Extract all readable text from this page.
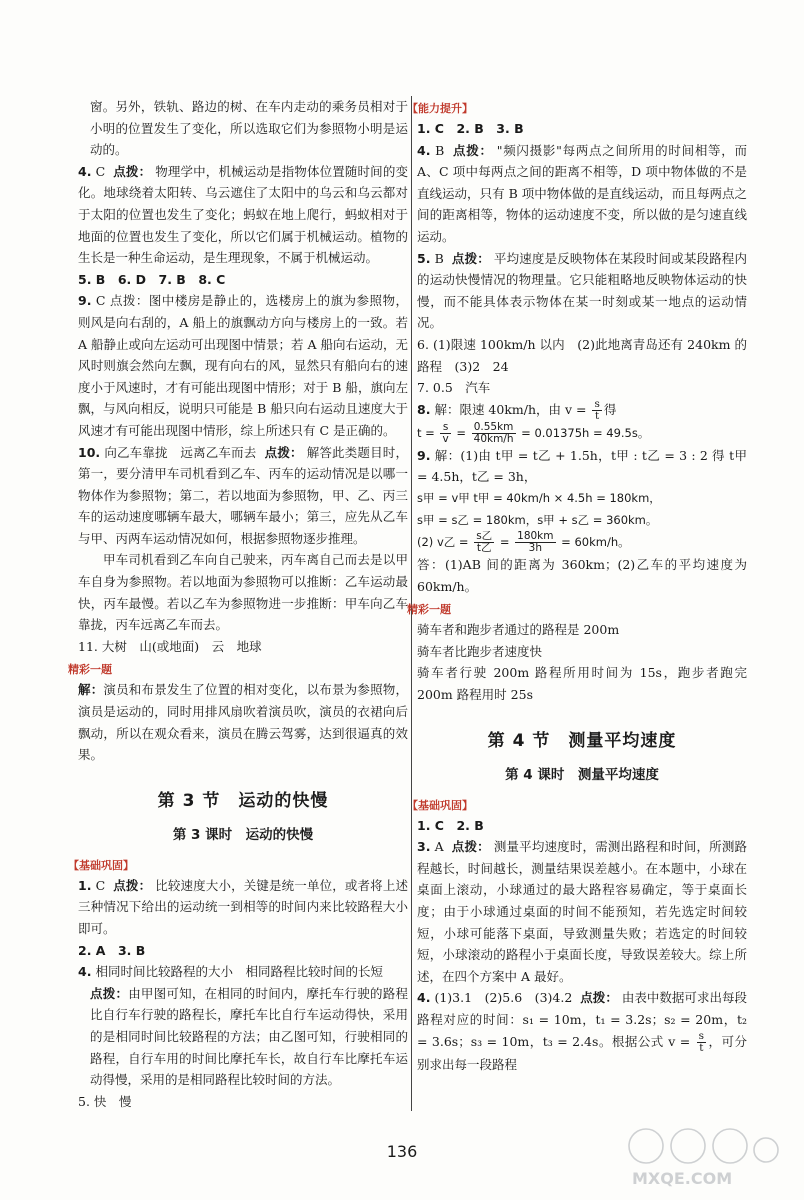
窗。另外，铁轨、路边的树、在车内走动的乘务员相对于小明的位置发生了变化，所以选取它们为参照物小明是运动的。

4. C 点拨： 物理学中，机械运动是指物体位置随时间的变化。地球绕着太阳转、乌云遮住了太阳中的乌云和乌云都对于太阳的位置也发生了变化；蚂蚁在地上爬行，蚂蚁相对于地面的位置也发生了变化，所以它们属于机械运动。植物的生长是一种生命运动，是生理现象，不属于机械运动。

5. B　6. D　7. B　8. C

9. C 点拨：图中楼房是静止的，选楼房上的旗为参照物，则风是向右刮的，A 船上的旗飘动方向与楼房上的一致。若 A 船静止或向左运动可出现图中情景；若 A 船向右运动，无风时则旗会然向左飘，现有向右的风，显然只有船向右的速度小于风速时，才有可能出现图中情形；对于 B 船，旗向左飘，与风向相反，说明只可能是 B 船只向右运动且速度大于风速才有可能出现图中情形，综上所述只有 C 是正确的。

10. 向乙车靠拢　远离乙车而去 点拨： 解答此类题目时，第一，要分清甲车司机看到乙车、丙车的运动情况是以哪一物体作为参照物；第二，若以地面为参照物，甲、乙、丙三车的运动速度哪辆车最大，哪辆车最小；第三，应先从乙车与甲、丙两车运动情况如何，根据参照物逐步推理。

甲车司机看到乙车向自己驶来，丙车离自己而去是以甲车自身为参照物。若以地面为参照物可以推断：乙车运动最快，丙车最慢。若以乙车为参照物进一步推断：甲车向乙车靠拢，丙车远离乙车而去。

11. 大树　山(或地面)　云　地球

精彩一题

解：演员和布景发生了位置的相对变化，以布景为参照物，演员是运动的，同时用排风扇吹着演员吹，演员的衣裙向后飘动，所以在观众看来，演员在腾云驾雾，达到很逼真的效果。

第 3 节　运动的快慢
第 3 课时　运动的快慢
【基础巩固】

1. C 点拨： 比较速度大小，关键是统一单位，或者将上述三种情况下给出的运动统一到相等的时间内来比较路程大小即可。

2. A　3. B

4. 相同时间比较路程的大小　相同路程比较时间的长短

点拨：由甲图可知，在相同的时间内，摩托车行驶的路程比自行车行驶的路程长，摩托车比自行车运动得快，采用的是相同时间比较路程的方法；由乙图可知，行驶相同的路程，自行车用的时间比摩托车长，故自行车比摩托车运动得慢，采用的是相同路程比较时间的方法。

5. 快　慢

【能力提升】

1. C　2. B　3. B

4. B 点拨： "频闪摄影"每两点之间所用的时间相等，而 A、C 项中每两点之间的距离不相等，D 项中物体做的不是直线运动，只有 B 项中物体做的是直线运动，而且每两点之间的距离相等，物体的运动速度不变，所以做的是匀速直线运动。

5. B 点拨： 平均速度是反映物体在某段时间或某段路程内的运动快慢情况的物理量。它只能粗略地反映物体运动的快慢，而不能具体表示物体在某一时刻或某一地点的运动情况。

6. (1)限速 100km/h 以内　(2)此地离青岛还有 240km 的路程　(3)2　24

7. 0.5　汽车

8. 解：限速 40km/h，由 $v = \frac{s}{t}$ 得

$t = \frac{s}{v} = \frac{0.55km}{40km/h} = 0.01375h = 49.5s$。

9. 解：(1)由 t甲 = t乙 + 1.5h，t甲 : t乙 = 3 : 2 得 t甲 = 4.5h，t乙 = 3h，

s甲 = v甲 t甲 = 40km/h × 4.5h = 180km，

s甲 = s乙 = 180km，s甲 + s乙 = 360km。

(2) v乙 = $\frac{\text{s乙}}{\text{t乙}} = \frac{180km}{3h} = 60km/h$。

答：(1)AB 间的距离为 360km；(2)乙车的平均速度为 60km/h。

精彩一题

骑车者和跑步者通过的路程是 200m

骑车者比跑步者速度快

骑车者行驶 200m 路程所用时间为 15s，跑步者跑完 200m 路程用时 25s

第 4 节　测量平均速度
第 4 课时　测量平均速度
【基础巩固】

1. C　2. B

3. A 点拨： 测量平均速度时，需测出路程和时间，所测路程越长，时间越长，测量结果误差越小。在本题中，小球在桌面上滚动，小球通过的最大路程容易确定，等于桌面长度；由于小球通过桌面的时间不能预知，若先选定时间较短，小球可能落下桌面，导致测量失败；若选定的时间较短，小球滚动的路程小于桌面长度，导致误差较大。综上所述，在四个方案中 A 最好。

4. (1)3.1　(2)5.6　(3)4.2 点拨： 由表中数据可求出每段路程对应的时间：s₁ = 10m，t₁ = 3.2s；s₂ = 20m，t₂ = 3.6s；s₃ = 10m，t₃ = 2.4s。根据公式 $v = \frac{s}{t}$ ，可分别求出每一段路程

136
MXQE.COM
